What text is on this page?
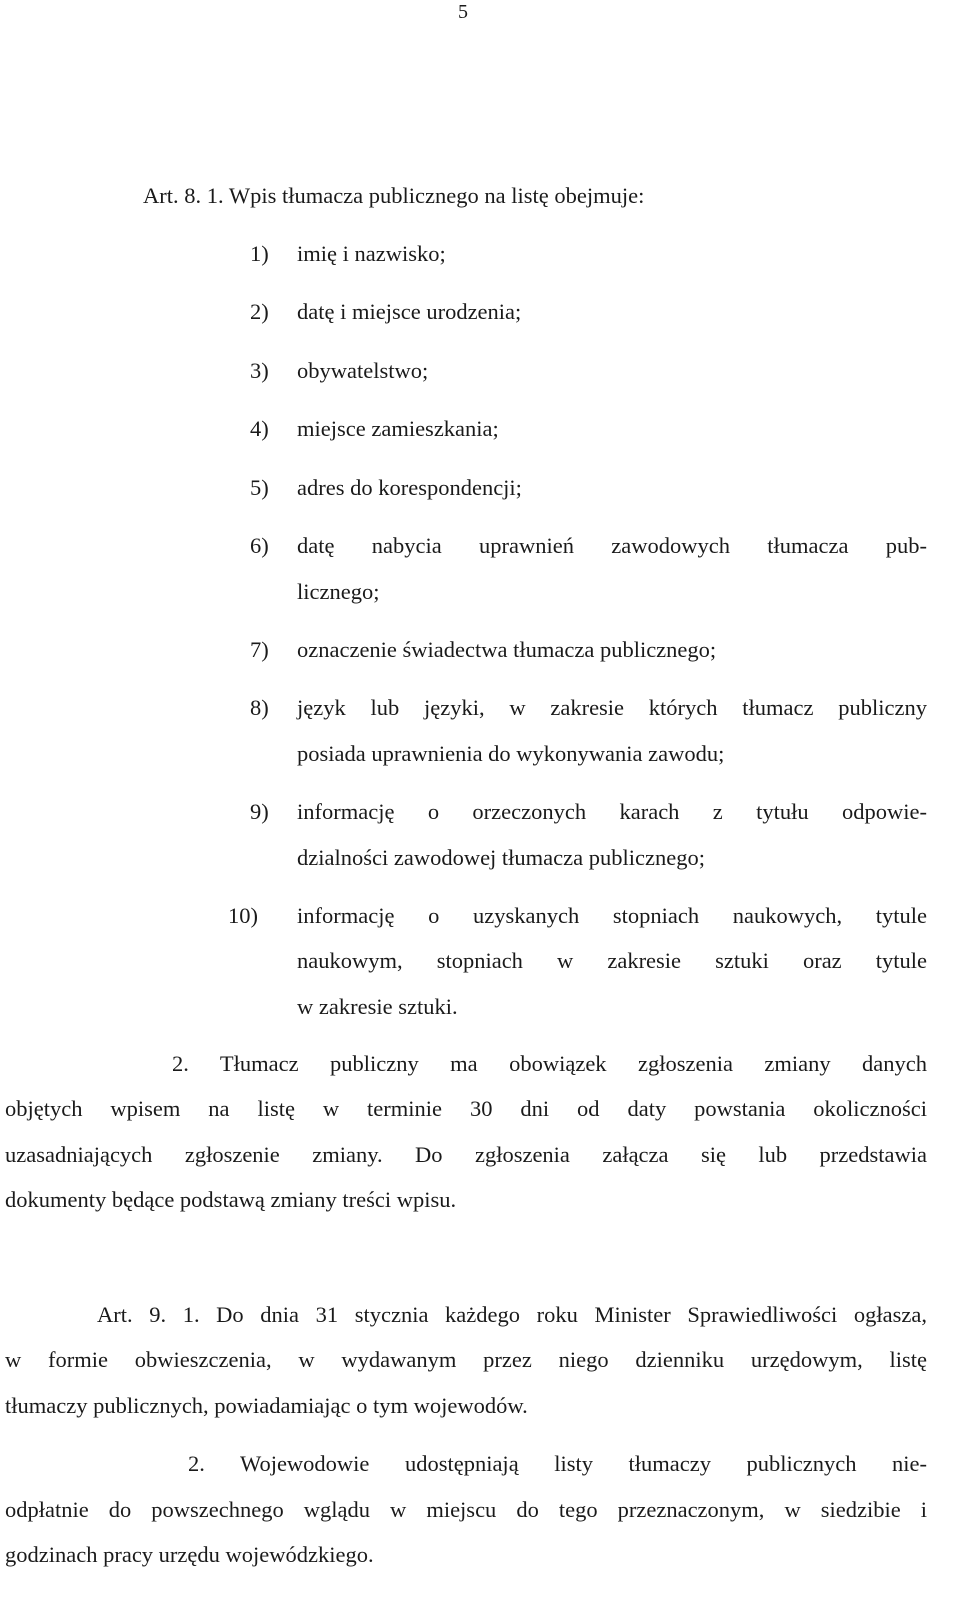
5
Art. 8. 1. Wpis tłumacza publicznego na listę obejmuje:
1) imię i nazwisko;
2) datę i miejsce urodzenia;
3) obywatelstwo;
4) miejsce zamieszkania;
5) adres do korespondencji;
6) datę nabycia uprawnień zawodowych tłumacza pub-
licznego;
7) oznaczenie świadectwa tłumacza publicznego;
8) język lub języki, w zakresie których tłumacz publiczny
posiada uprawnienia do wykonywania zawodu;
9) informację o orzeczonych karach z tytułu odpowie-
dzialności zawodowej tłumacza publicznego;
10) informację o uzyskanych stopniach naukowych, tytule
naukowym, stopniach w zakresie sztuki oraz tytule
w zakresie sztuki.
2. Tłumacz publiczny ma obowiązek zgłoszenia zmiany danych
objętych wpisem na listę w terminie 30 dni od daty powstania okoliczności
uzasadniających zgłoszenie zmiany. Do zgłoszenia załącza się lub przedstawia
dokumenty będące podstawą zmiany treści wpisu.
Art. 9. 1. Do dnia 31 stycznia każdego roku Minister Sprawiedliwości ogłasza,
w formie obwieszczenia, w wydawanym przez niego dzienniku urzędowym, listę
tłumaczy publicznych, powiadamiając o tym wojewodów.
2. Wojewodowie udostępniają listy tłumaczy publicznych nie-
odpłatnie do powszechnego wglądu w miejscu do tego przeznaczonym, w siedzibie i
godzinach pracy urzędu wojewódzkiego.
